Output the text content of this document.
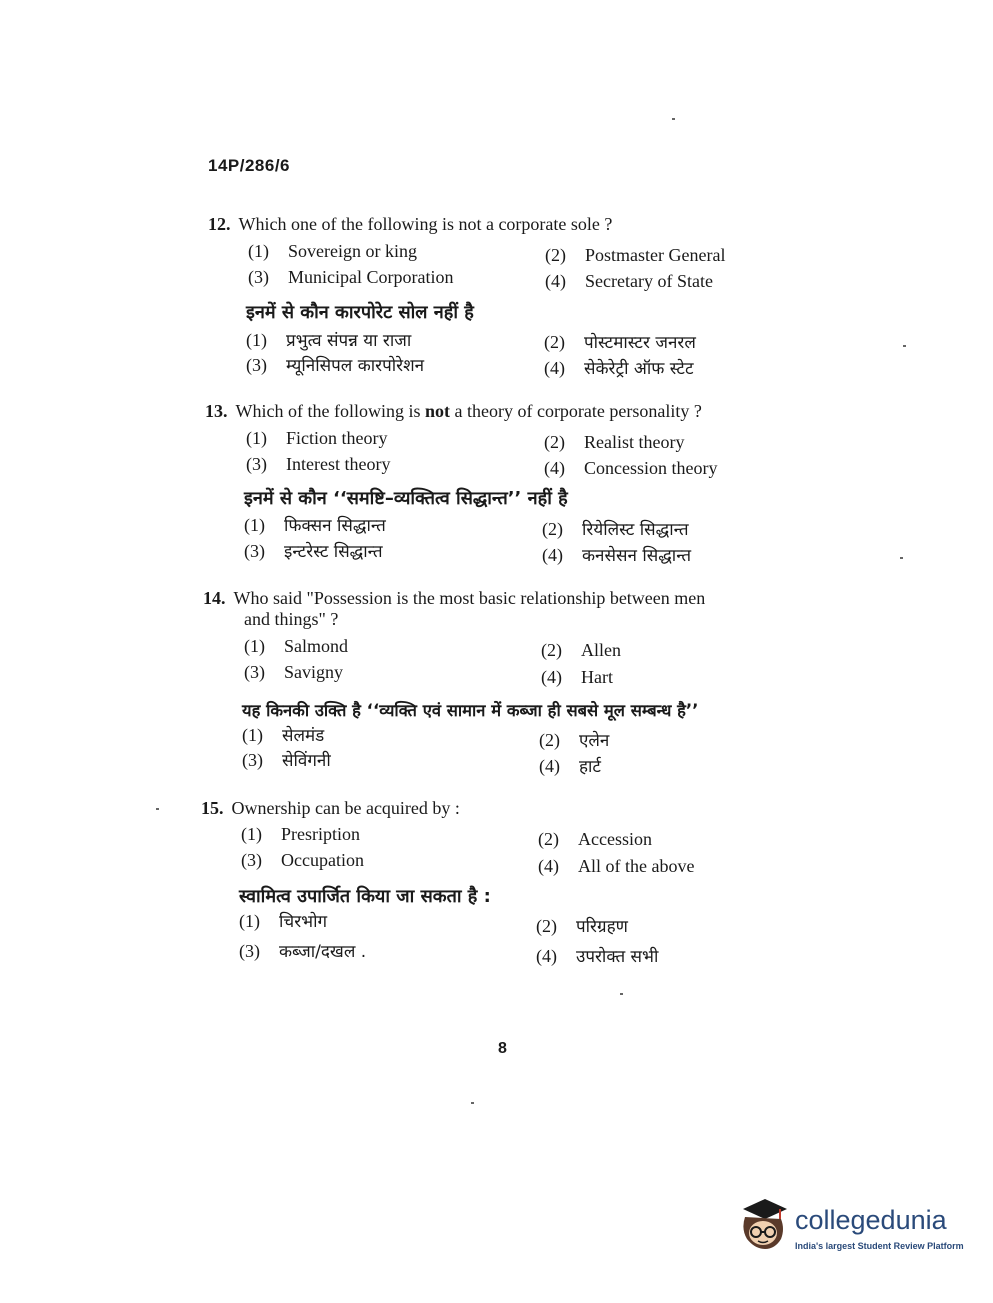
14P/286/6
12. Which one of the following is not a corporate sole ?
(1) Sovereign or king	(2) Postmaster General
(3) Municipal Corporation	(4) Secretary of State
इनमें से कौन कारपोरेट सोल नहीं है
(1) प्रभुत्व संपन्न या राजा	(2) पोस्टमास्टर जनरल
(3) म्यूनिसिपल कारपोरेशन	(4) सेकेरेट्री ऑफ स्टेट
13. Which of the following is not a theory of corporate personality ?
(1) Fiction theory	(2) Realist theory
(3) Interest theory	(4) Concession theory
इनमें से कौन ‘‘समष्टि–व्यक्तित्व सिद्धान्त’’ नहीं है
(1) फिक्सन सिद्धान्त	(2) रियेलिस्ट सिद्धान्त
(3) इन्टरेस्ट सिद्धान्त	(4) कनसेसन सिद्धान्त
14. Who said "Possession is the most basic relationship between men
and things" ?
(1) Salmond	(2) Allen
(3) Savigny	(4) Hart
यह किनकी उक्ति है ‘‘व्यक्ति एवं सामान में कब्जा ही सबसे मूल सम्बन्ध है’’
(1) सेलमंड	(2) एलेन
(3) सेविंगनी	(4) हार्ट
15. Ownership can be acquired by :
(1) Presription	(2) Accession
(3) Occupation	(4) All of the above
स्वामित्व उपार्जित किया जा सकता है :
(1) चिरभोग	(2) परिग्रहण
(3) कब्जा/दखल .	(4) उपरोक्त सभी
8
collegedunia
India's largest Student Review Platform
